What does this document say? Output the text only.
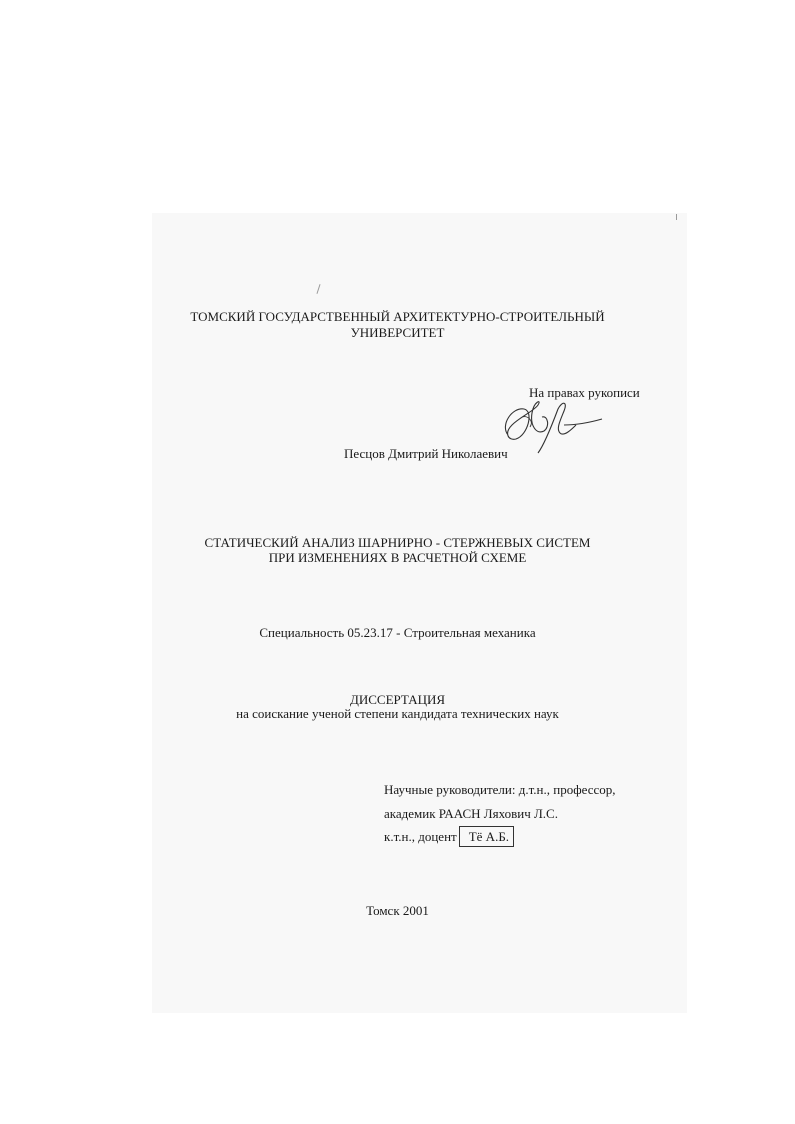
ТОМСКИЙ ГОСУДАРСТВЕННЫЙ АРХИТЕКТУРНО-СТРОИТЕЛЬНЫЙ
УНИВЕРСИТЕТ
На правах рукописи
Песцов Дмитрий Николаевич
СТАТИЧЕСКИЙ АНАЛИЗ ШАРНИРНО - СТЕРЖНЕВЫХ СИСТЕМ
ПРИ ИЗМЕНЕНИЯХ В РАСЧЕТНОЙ СХЕМЕ
Специальность 05.23.17 - Строительная механика
ДИССЕРТАЦИЯ
на соискание ученой степени кандидата технических наук
Научные руководители: д.т.н., профессор,
академик РААСН Ляхович Л.С.
к.т.н., доцент Тё А.Б.
Томск 2001
